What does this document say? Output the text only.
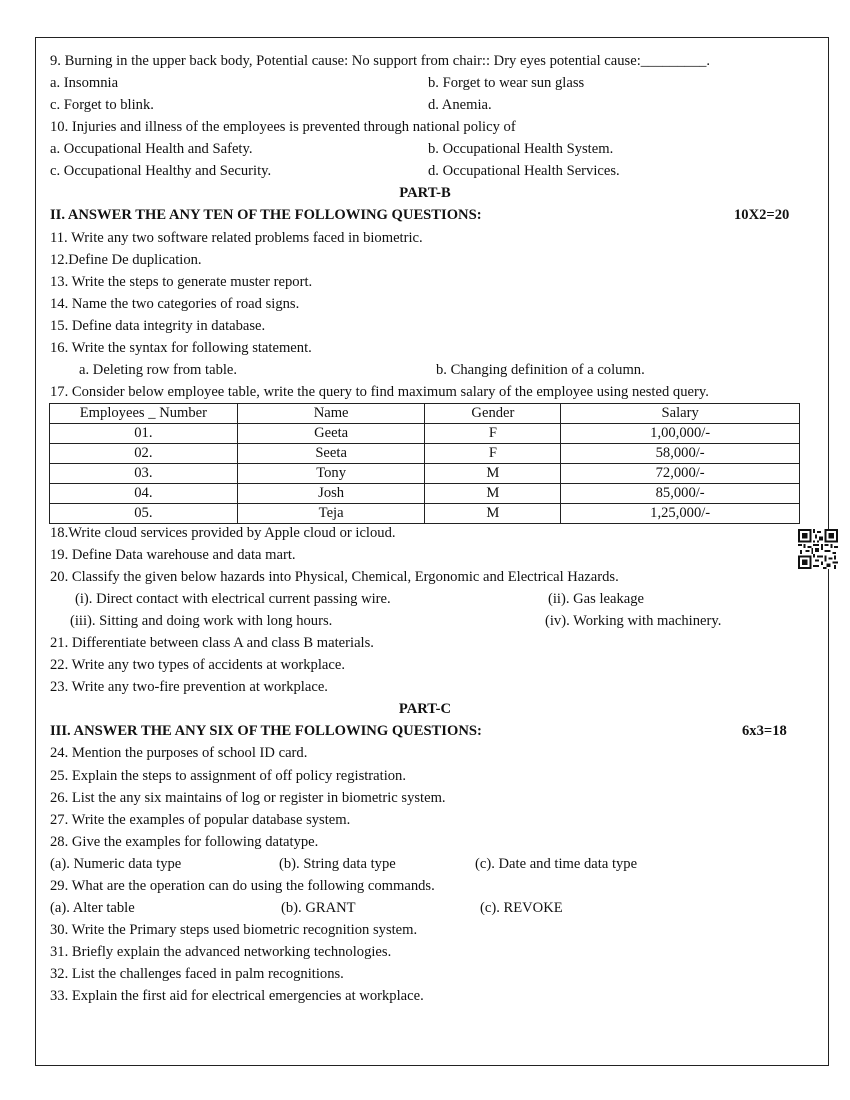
9. Burning in the upper back body, Potential cause: No support from chair:: Dry eyes potential cause:_________.
a. Insomnia	b. Forget to wear sun glass
c. Forget to blink.	d. Anemia.
10. Injuries and illness of the employees is prevented through national policy of
a. Occupational Health and Safety.	b. Occupational Health System.
c. Occupational Healthy and Security.	d. Occupational Health Services.
PART-B
II. ANSWER THE ANY TEN OF THE FOLLOWING QUESTIONS:	10X2=20
11. Write any two software related problems faced in biometric.
12.Define De duplication.
13. Write the steps to generate muster report.
14. Name the two categories of road signs.
15. Define data integrity in database.
16. Write the syntax for following statement.
a. Deleting row from table.	b. Changing definition of a column.
17. Consider below employee table, write the query to find maximum salary of the employee using nested query.
Employees _ Number	Name	Gender	Salary
01.	Geeta	F	1,00,000/-
02.	Seeta	F	58,000/-
03.	Tony	M	72,000/-
04.	Josh	M	85,000/-
05.	Teja	M	1,25,000/-
18.Write cloud services provided by Apple cloud or icloud.
19. Define Data warehouse and data mart.
20. Classify the given below hazards into Physical, Chemical, Ergonomic and Electrical Hazards.
(i). Direct contact with electrical current passing wire.	(ii). Gas leakage
(iii). Sitting and doing work with long hours.	(iv). Working with machinery.
21. Differentiate between class A and class B materials.
22. Write any two types of accidents at workplace.
23. Write any two-fire prevention at workplace.
PART-C
III. ANSWER THE ANY SIX OF THE FOLLOWING QUESTIONS:	6x3=18
24. Mention the purposes of school ID card.
25. Explain the steps to assignment of off policy registration.
26. List the any six maintains of log or register in biometric system.
27. Write the examples of popular database system.
28. Give the examples for following datatype.
(a). Numeric data type	(b). String data type	(c). Date and time data type
29. What are the operation can do using the following commands.
(a). Alter table	(b). GRANT	(c). REVOKE
30. Write the Primary steps used biometric recognition system.
31. Briefly explain the advanced networking technologies.
32. List the challenges faced in palm recognitions.
33. Explain the first aid for electrical emergencies at workplace.
